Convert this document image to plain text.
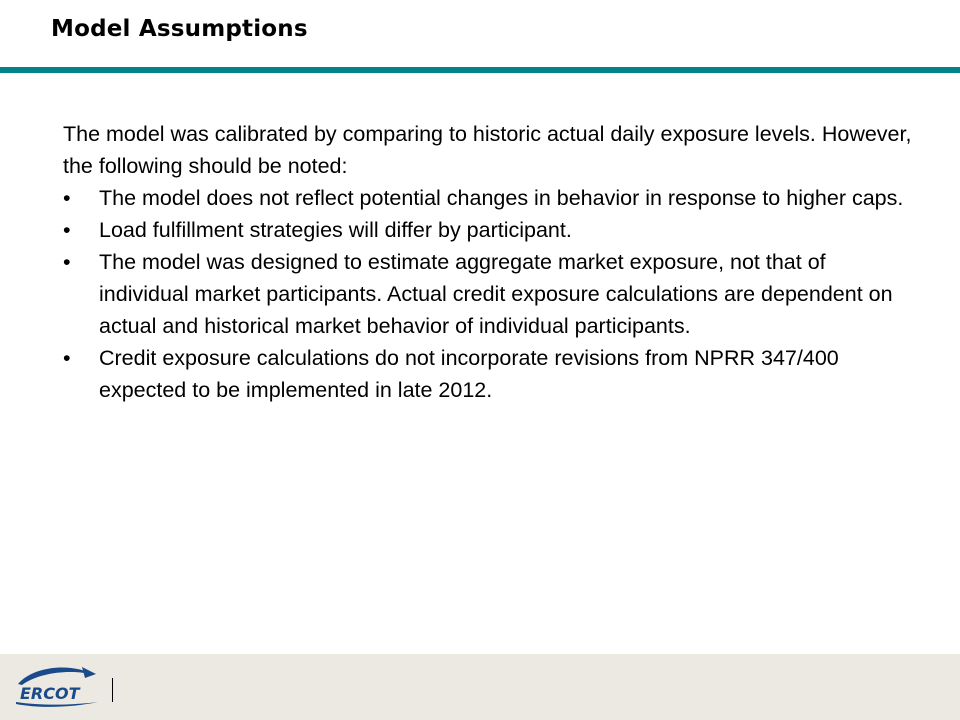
Model Assumptions

The model was calibrated by comparing to historic actual daily exposure levels. However, the following should be noted:

• The model does not reflect potential changes in behavior in response to higher caps.
• Load fulfillment strategies will differ by participant.
• The model was designed to estimate aggregate market exposure, not that of individual market participants. Actual credit exposure calculations are dependent on actual and historical market behavior of individual participants.
• Credit exposure calculations do not incorporate revisions from NPRR 347/400 expected to be implemented in late 2012.
ERCOT
